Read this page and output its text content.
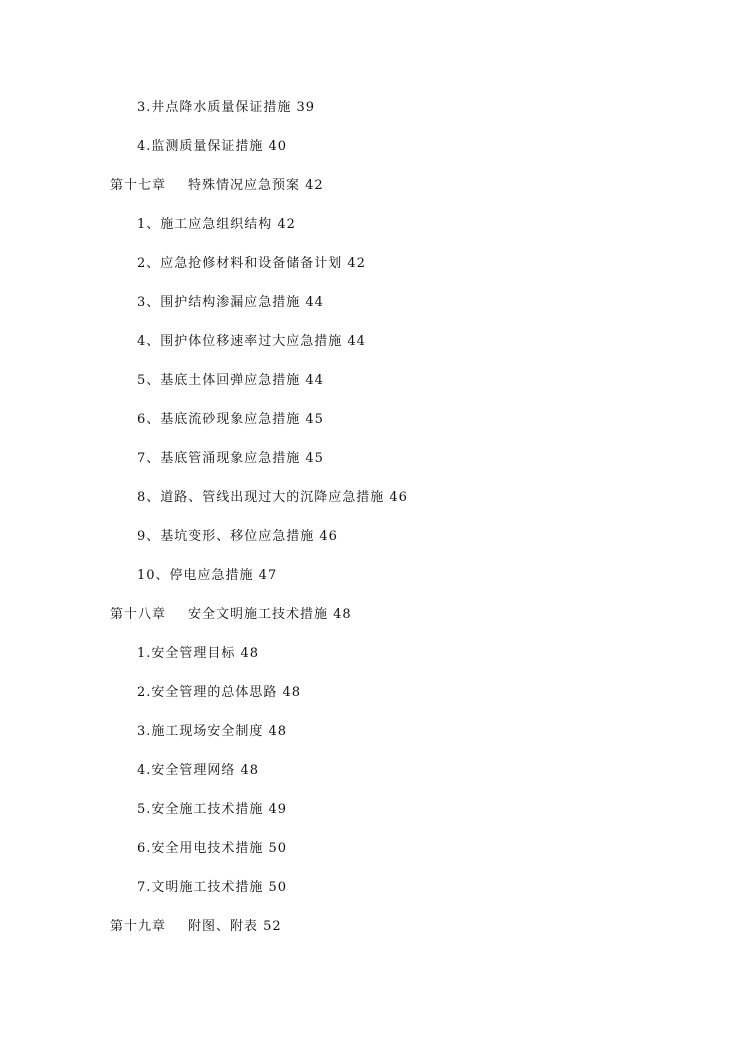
3.井点降水质量保证措施 39
4.监测质量保证措施 40
第十七章 特殊情况应急预案 42
1、施工应急组织结构 42
2、应急抢修材料和设备储备计划 42
3、围护结构渗漏应急措施 44
4、围护体位移速率过大应急措施 44
5、基底土体回弹应急措施 44
6、基底流砂现象应急措施 45
7、基底管涌现象应急措施 45
8、道路、管线出现过大的沉降应急措施 46
9、基坑变形、移位应急措施 46
10、停电应急措施 47
第十八章 安全文明施工技术措施 48
1.安全管理目标 48
2.安全管理的总体思路 48
3.施工现场安全制度 48
4.安全管理网络 48
5.安全施工技术措施 49
6.安全用电技术措施 50
7.文明施工技术措施 50
第十九章 附图、附表 52
